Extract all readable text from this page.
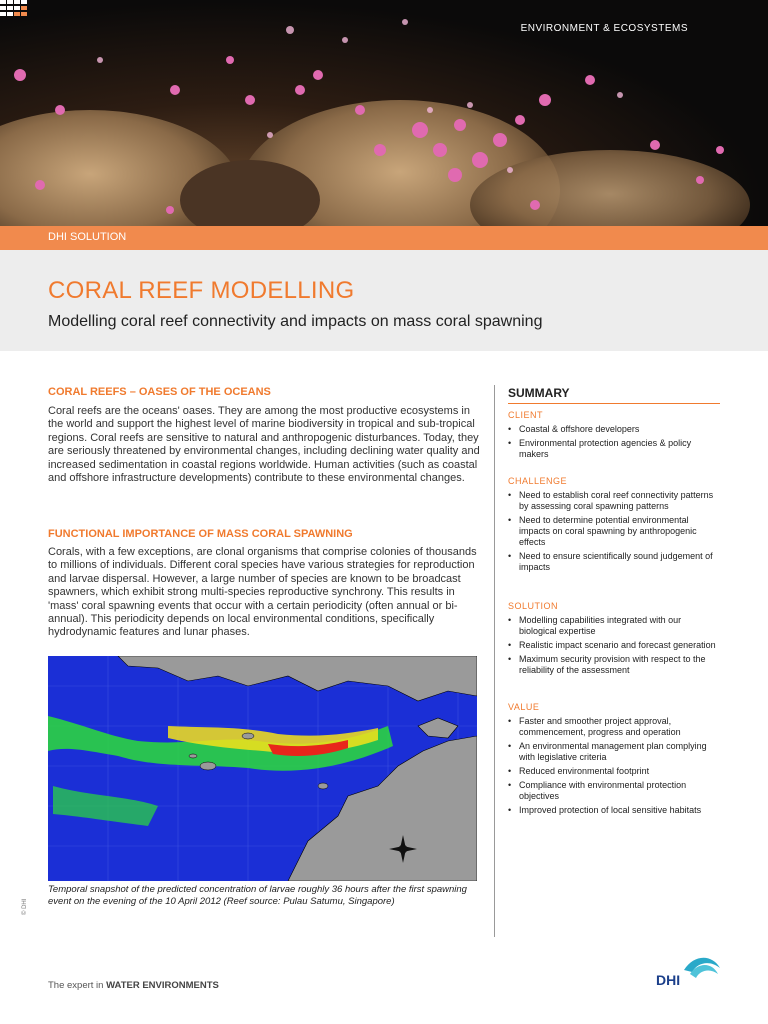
ENVIRONMENT & ECOSYSTEMS
DHI SOLUTION
CORAL REEF MODELLING
Modelling coral reef connectivity and impacts on mass coral spawning
CORAL REEFS – OASES OF THE OCEANS
Coral reefs are the oceans' oases. They are among the most productive ecosystems in the world and support the highest level of marine biodiversity in tropical and sub-tropical regions. Coral reefs are sensitive to natural and anthropogenic disturbances. Today, they are seriously threatened by environmental changes, including declining water quality and increased sedimentation in coastal regions worldwide. Human activities (such as coastal and offshore infrastructure developments) contribute to these environmental changes.
FUNCTIONAL IMPORTANCE OF MASS CORAL SPAWNING
Corals, with a few exceptions, are clonal organisms that comprise colonies of thousands to millions of individuals. Different coral species have various strategies for reproduction and larvae dispersal. However, a large number of species are known to be broadcast spawners, which exhibit strong multi-species reproductive synchrony. This results in 'mass' coral spawning events that occur with a certain periodicity (often annual or bi-annual). This periodicity depends on local environmental conditions, specifically hydrodynamic features and lunar phases.
Temporal snapshot of the predicted concentration of larvae roughly 36 hours after the first spawning event on the evening of the 10 April 2012 (Reef source: Pulau Satumu, Singapore)
SUMMARY
CLIENT
• Coastal & offshore developers
• Environmental protection agencies & policy makers
CHALLENGE
• Need to establish coral reef connectivity patterns by assessing coral spawning patterns
• Need to determine potential environmental impacts on coral spawning by anthropogenic effects
• Need to ensure scientifically sound judgement of impacts
SOLUTION
• Modelling capabilities integrated with our biological expertise
• Realistic impact scenario and forecast generation
• Maximum security provision with respect to the reliability of the assessment
VALUE
• Faster and smoother project approval, commencement, progress and operation
• An environmental management plan complying with legislative criteria
• Reduced environmental footprint
• Compliance with environmental protection objectives
• Improved protection of local sensitive habitats
© DHI
The expert in WATER ENVIRONMENTS	DHI
